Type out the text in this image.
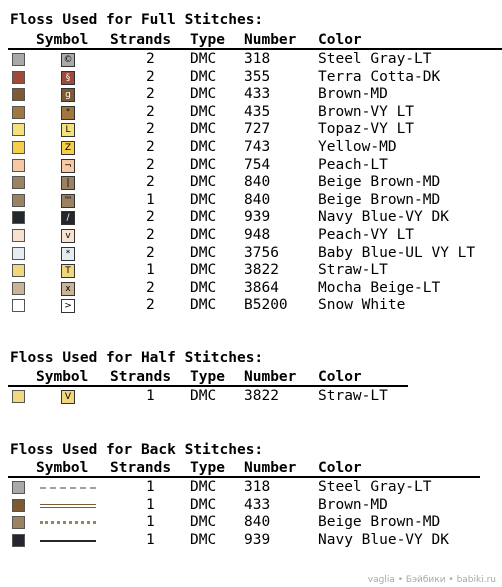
Floss Used for Full Stitches:
Symbol Strands Type Number Color
©	2 DMC 318	Steel Gray-LT
§	2 DMC 355	Terra Cotta-DK
g	2 DMC 433	Brown-MD
°	2 DMC 435	Brown-VY LT
L	2 DMC 727	Topaz-VY LT
Z	2 DMC 743	Yellow-MD
¬	2 DMC 754	Peach-LT
|	2 DMC 840	Beige Brown-MD
™	1 DMC 840	Beige Brown-MD
/	2 DMC 939	Navy Blue-VY DK
v	2 DMC 948	Peach-VY LT
*	2 DMC 3756	Baby Blue-UL VY LT
T	1 DMC 3822	Straw-LT
x	2 DMC 3864	Mocha Beige-LT
>	2 DMC B5200 Snow White
Floss Used for Half Stitches:
Symbol Strands Type Number Color
V	1 DMC 3822	Straw-LT
Floss Used for Back Stitches:
Symbol Strands Type Number Color
1 DMC 318	Steel Gray-LT
1 DMC 433	Brown-MD
1 DMC 840	Beige Brown-MD
1 DMC 939	Navy Blue-VY DK
vaglia • Бэйбики • babiki.ru
